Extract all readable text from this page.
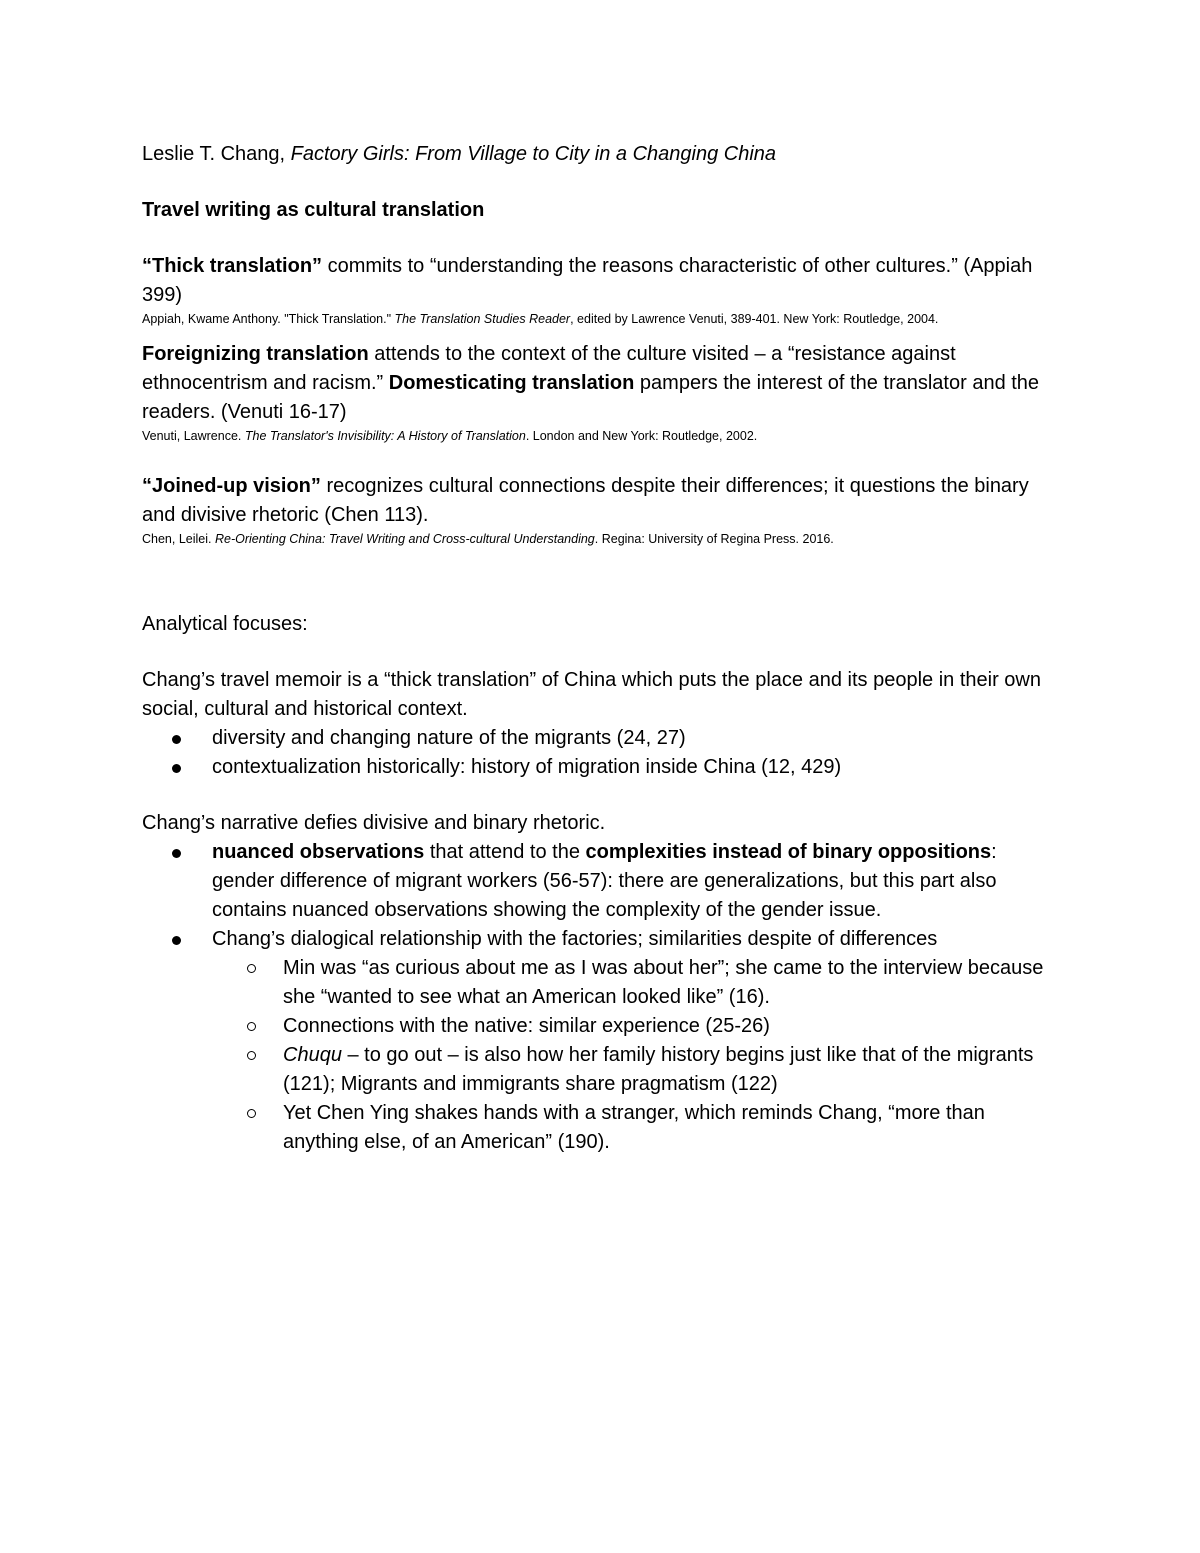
Leslie T. Chang, Factory Girls: From Village to City in a Changing China

Travel writing as cultural translation

“Thick translation” commits to “understanding the reasons characteristic of other cultures.” (Appiah 399)

Appiah, Kwame Anthony. "Thick Translation." The Translation Studies Reader, edited by Lawrence Venuti, 389-401. New York: Routledge, 2004.

Foreignizing translation attends to the context of the culture visited – a “resistance against ethnocentrism and racism.” Domesticating translation pampers the interest of the translator and the readers. (Venuti 16-17)

Venuti, Lawrence. The Translator's Invisibility: A History of Translation. London and New York: Routledge, 2002.

“Joined-up vision” recognizes cultural connections despite their differences; it questions the binary and divisive rhetoric (Chen 113).

Chen, Leilei. Re-Orienting China: Travel Writing and Cross-cultural Understanding. Regina: University of Regina Press. 2016.

Analytical focuses:

Chang’s travel memoir is a “thick translation” of China which puts the place and its people in their own social, cultural and historical context.

diversity and changing nature of the migrants (24, 27)
contextualization historically: history of migration inside China (12, 429)

Chang’s narrative defies divisive and binary rhetoric.

nuanced observations that attend to the complexities instead of binary oppositions: gender difference of migrant workers (56-57): there are generalizations, but this part also contains nuanced observations showing the complexity of the gender issue.
Chang’s dialogical relationship with the factories; similarities despite of differences
Min was “as curious about me as I was about her”; she came to the interview because she “wanted to see what an American looked like” (16).
Connections with the native: similar experience (25-26)
Chuqu – to go out – is also how her family history begins just like that of the migrants (121); Migrants and immigrants share pragmatism (122)
Yet Chen Ying shakes hands with a stranger, which reminds Chang, “more than anything else, of an American” (190).
